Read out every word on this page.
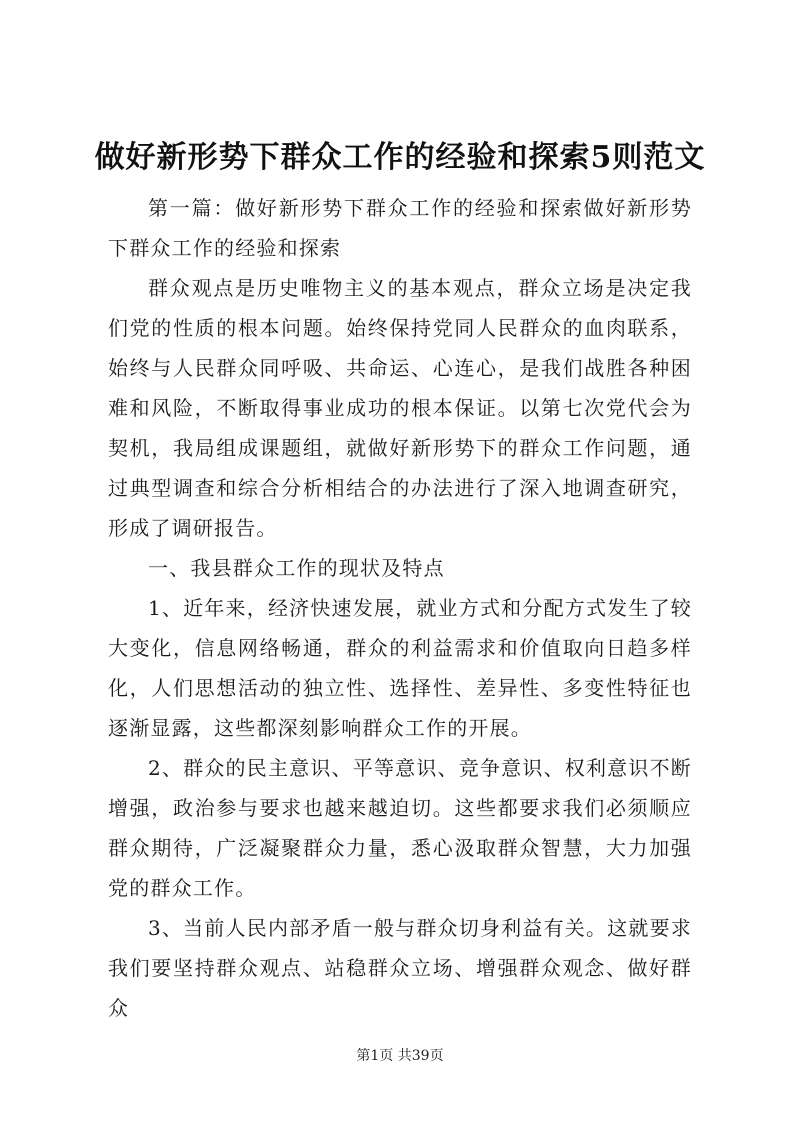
做好新形势下群众工作的经验和探索5则范文

第一篇：做好新形势下群众工作的经验和探索做好新形势下群众工作的经验和探索

群众观点是历史唯物主义的基本观点，群众立场是决定我们党的性质的根本问题。始终保持党同人民群众的血肉联系，始终与人民群众同呼吸、共命运、心连心，是我们战胜各种困难和风险，不断取得事业成功的根本保证。以第七次党代会为契机，我局组成课题组，就做好新形势下的群众工作问题，通过典型调查和综合分析相结合的办法进行了深入地调查研究，形成了调研报告。

一、我县群众工作的现状及特点

1、近年来，经济快速发展，就业方式和分配方式发生了较大变化，信息网络畅通，群众的利益需求和价值取向日趋多样化，人们思想活动的独立性、选择性、差异性、多变性特征也逐渐显露，这些都深刻影响群众工作的开展。

2、群众的民主意识、平等意识、竞争意识、权利意识不断增强，政治参与要求也越来越迫切。这些都要求我们必须顺应群众期待，广泛凝聚群众力量，悉心汲取群众智慧，大力加强党的群众工作。

3、当前人民内部矛盾一般与群众切身利益有关。这就要求我们要坚持群众观点、站稳群众立场、增强群众观念、做好群众

第1页 共39页
